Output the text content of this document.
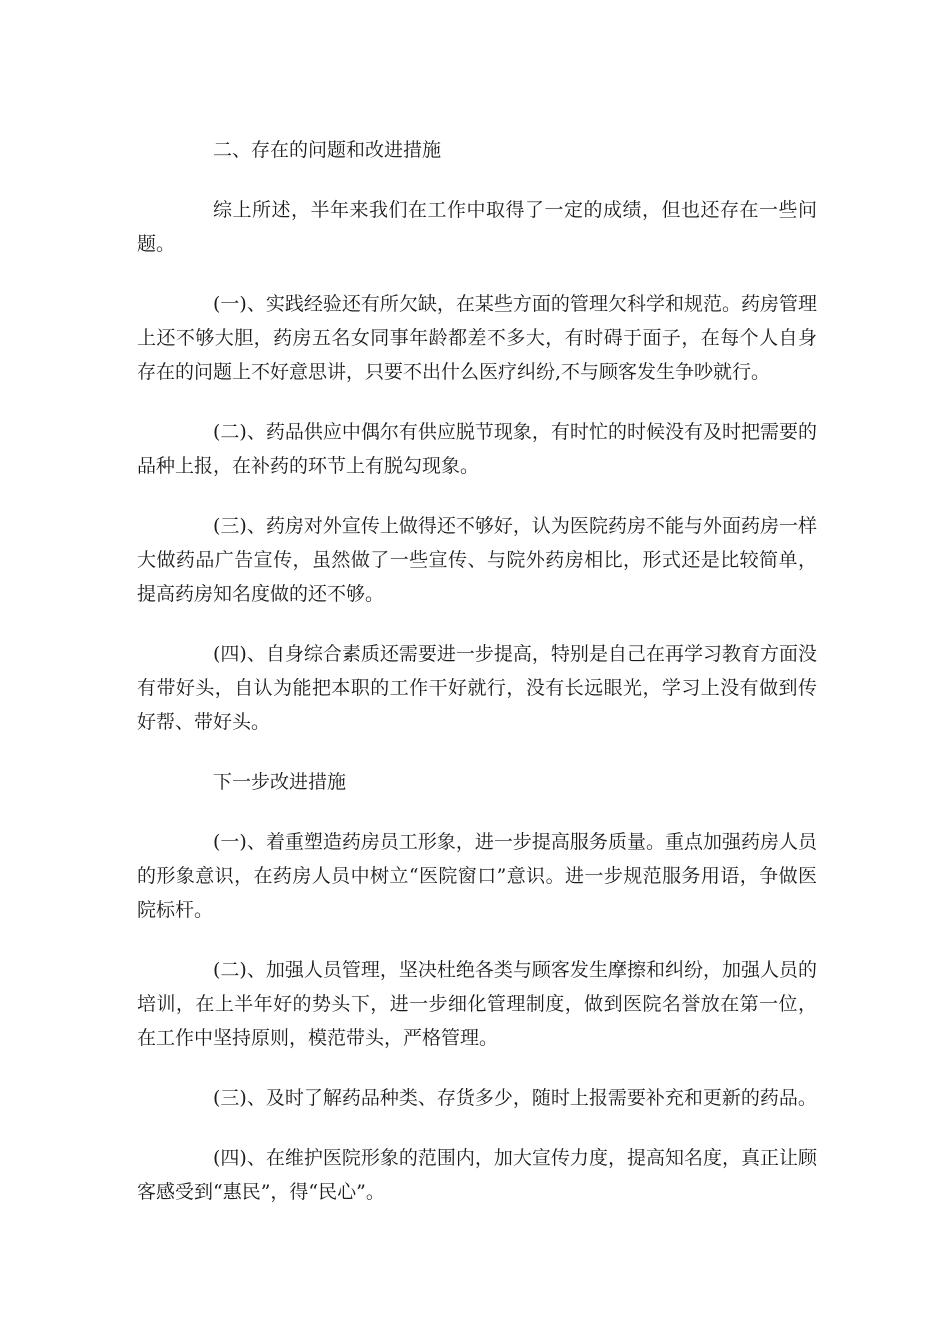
二、存在的问题和改进措施

综上所述，半年来我们在工作中取得了一定的成绩，但也还存在一些问题。

(一)、实践经验还有所欠缺，在某些方面的管理欠科学和规范。药房管理上还不够大胆，药房五名女同事年龄都差不多大，有时碍于面子，在每个人自身存在的问题上不好意思讲，只要不出什么医疗纠纷,不与顾客发生争吵就行。

(二)、药品供应中偶尔有供应脱节现象，有时忙的时候没有及时把需要的品种上报，在补药的环节上有脱勾现象。

(三)、药房对外宣传上做得还不够好，认为医院药房不能与外面药房一样大做药品广告宣传，虽然做了一些宣传、与院外药房相比，形式还是比较简单，提高药房知名度做的还不够。

(四)、自身综合素质还需要进一步提高，特别是自己在再学习教育方面没有带好头，自认为能把本职的工作干好就行，没有长远眼光，学习上没有做到传好帮、带好头。

下一步改进措施

(一)、着重塑造药房员工形象，进一步提高服务质量。重点加强药房人员的形象意识，在药房人员中树立“医院窗口”意识。进一步规范服务用语，争做医院标杆。

(二)、加强人员管理，坚决杜绝各类与顾客发生摩擦和纠纷，加强人员的培训，在上半年好的势头下，进一步细化管理制度，做到医院名誉放在第一位，在工作中坚持原则，模范带头，严格管理。

(三)、及时了解药品种类、存货多少，随时上报需要补充和更新的药品。

(四)、在维护医院形象的范围内，加大宣传力度，提高知名度，真正让顾客感受到“惠民”，得“民心”。
